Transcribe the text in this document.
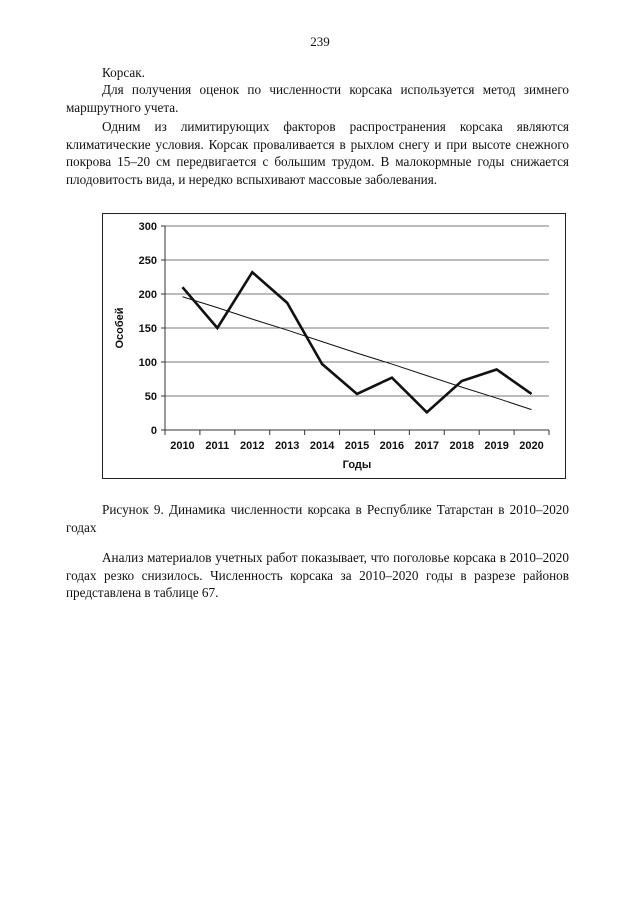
239

Корсак.

Для получения оценок по численности корсака используется метод зимнего маршрутного учета.

Одним из лимитирующих факторов распространения корсака являются климатические условия. Корсак проваливается в рыхлом снегу и при высоте снежного покрова 15–20 см передвигается с большим трудом. В малокормные годы снижается плодовитость вида, и нередко вспыхивают массовые заболевания.

0
50
100
150
200
250
300
2010 2011 2012 2013 2014 2015 2016 2017 2018 2019 2020
Годы
Особей

Рисунок 9. Динамика численности корсака в Республике Татарстан в 2010–2020 годах

Анализ материалов учетных работ показывает, что поголовье корсака в 2010–2020 годах резко снизилось. Численность корсака за 2010–2020 годы в разрезе районов представлена в таблице 67.
